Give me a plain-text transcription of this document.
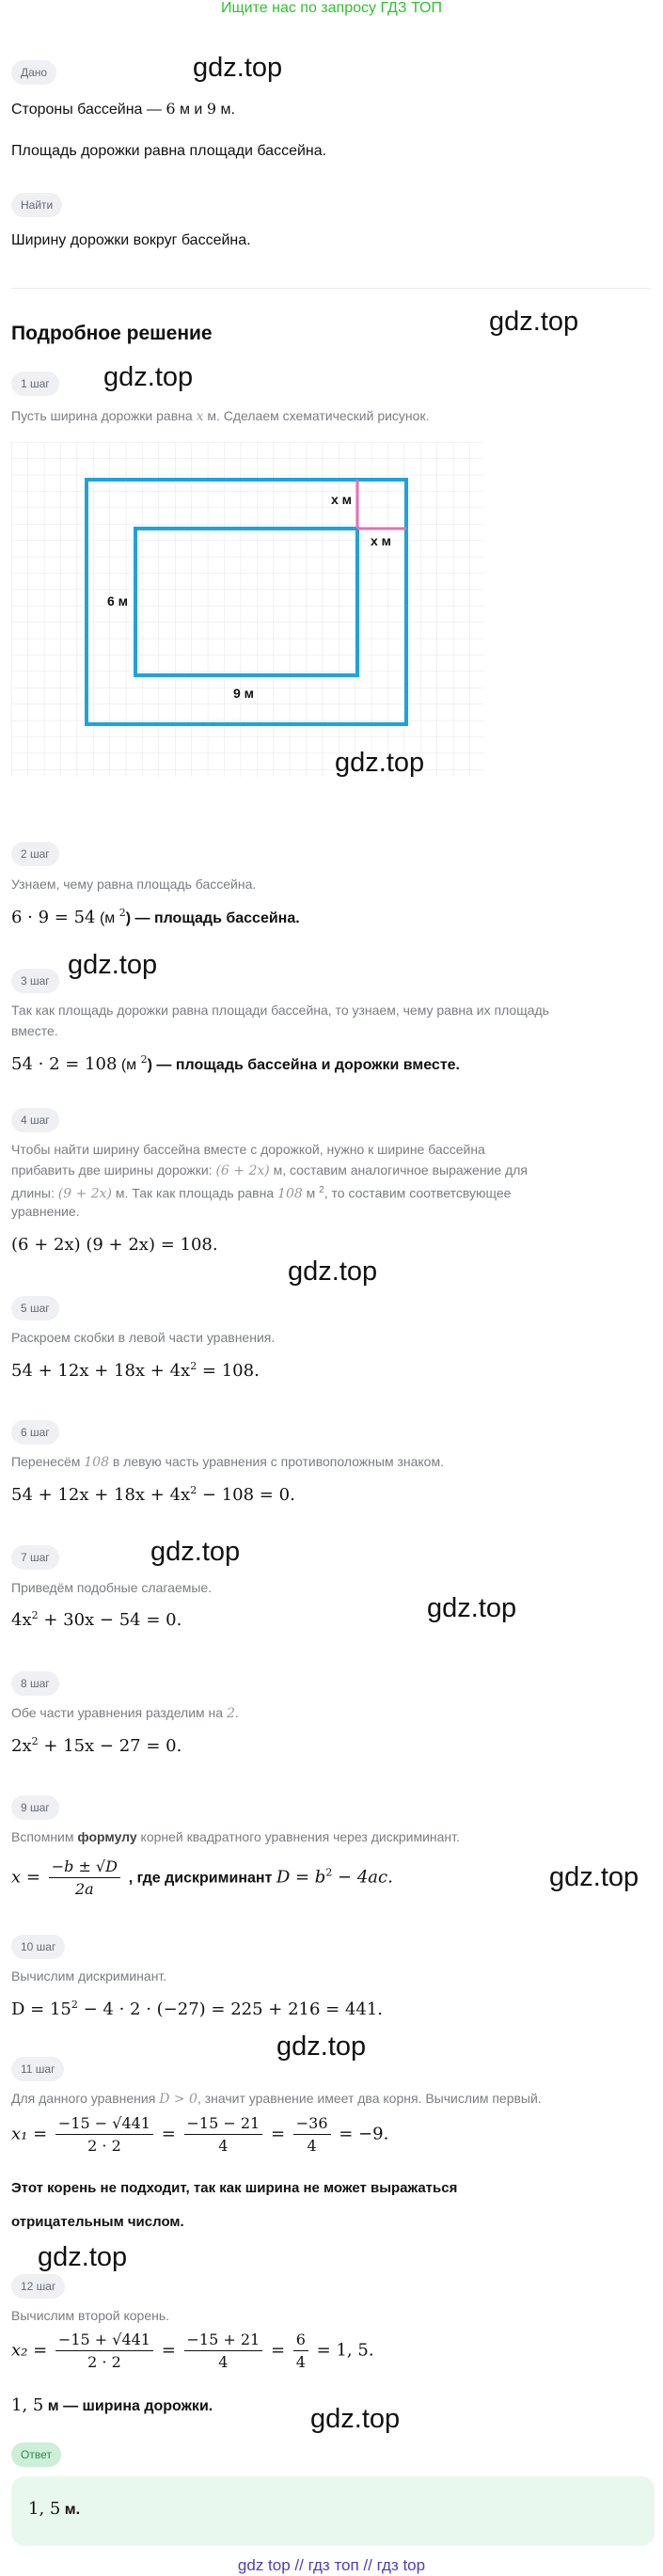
Ищите нас по запросу ГДЗ ТОП
Дано	gdz.top
Стороны бассейна — 6 м и 9 м.
Площадь дорожки равна площади бассейна.
Найти
Ширину дорожки вокруг бассейна.
gdz.top
Подробное решение
1 шаг	gdz.top
Пусть ширина дорожки равна x м. Сделаем схематический рисунок.
x м
x м
6 м
9 м
gdz.top
2 шаг
Узнаем, чему равна площадь бассейна.
6 · 9 = 54 (м $^2$) — площадь бассейна.
3 шаг
gdz.top
Так как площадь дорожки равна площади бассейна, то узнаем, чему равна их площадь
вместе.
54 · 2 = 108 (м $^2$) — площадь бассейна и дорожки вместе.
4 шаг
Чтобы найти ширину бассейна вместе с дорожкой, нужно к ширине бассейна
прибавить две ширины дорожки: (6 + 2x) м, составим аналогичное выражение для
длины: (9 + 2x) м. Так как площадь равна 108 м $^2$, то составим соответсвующее
уравнение.
(6 + 2x) (9 + 2x) = 108.
gdz.top
5 шаг
Раскроем скобки в левой части уравнения.
$54 + 12x + 18x + 4x^2 = 108$.
6 шаг
Перенесём 108 в левую часть уравнения с противоположным знаком.
$54 + 12x + 18x + 4x^2 - 108 = 0$.
7 шаг	gdz.top
Приведём подобные слагаемые.
gdz.top
$4x^2 + 30x - 54 = 0$.
8 шаг
Обе части уравнения разделим на 2.
$2x^2 + 15x - 27 = 0$.
9 шаг
Вспомним формулу корней квадратного уравнения через дискриминант.
$x = \frac{-b \pm √D}{2a}$ , где дискриминант $D = b^2 - 4ac$.	gdz.top
10 шаг
Вычислим дискриминант.
$D = 15^2 - 4 \cdot 2 \cdot (-27) = 225 + 216 = 441$.
gdz.top
11 шаг
Для данного уравнения D > 0, значит уравнение имеет два корня. Вычислим первый.
$x_1 = \frac{-15 - √441}{2 \cdot 2} = \frac{-15 - 21}{4} = \frac{-36}{4} = -9$.
Этот корень не подходит, так как ширина не может выражаться
отрицательным числом.
gdz.top
12 шаг
Вычислим второй корень.
$x_2 = \frac{-15 + √441}{2 \cdot 2} = \frac{-15 + 21}{4} = \frac{6}{4} = 1$, 5.
1, 5 м — ширина дорожки.	gdz.top
Ответ
1, 5 м.
gdz top // гдз топ // гдз top
